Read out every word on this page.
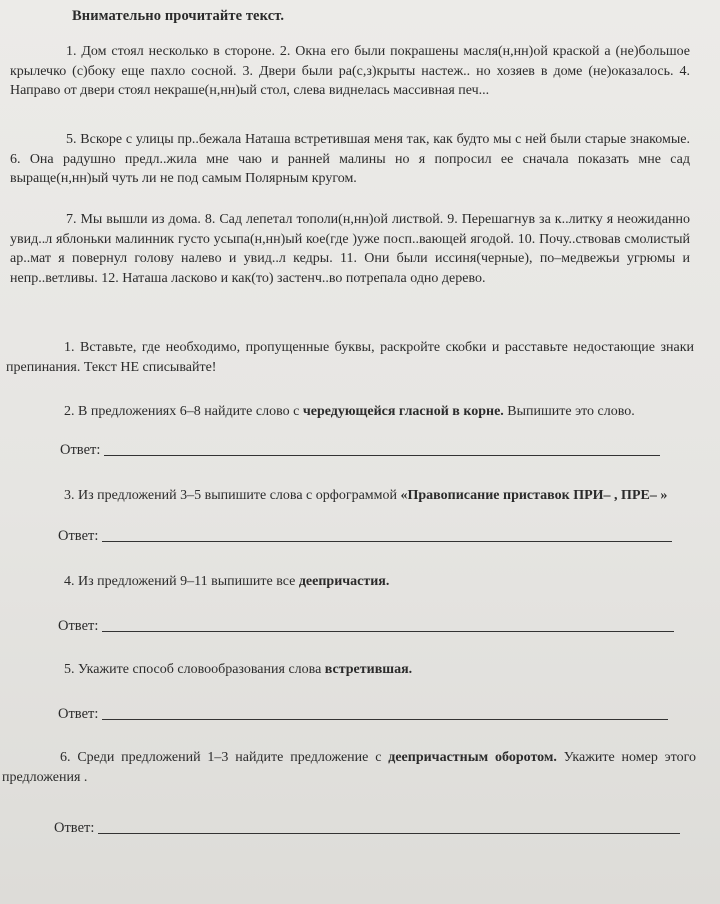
Внимательно прочитайте текст.
1. Дом стоял несколько в стороне. 2. Окна его были покрашены масля(н,нн)ой краской а (не)большое крылечко (с)боку еще пахло сосной. 3. Двери были ра(с,з)крыты настеж.. но хозяев в доме (не)оказалось. 4. Направо от двери стоял некраше(н,нн)ый стол, слева виднелась массивная печ...
5. Вскоре с улицы пр..бежала Наташа встретившая меня так, как будто мы с ней были старые знакомые. 6. Она радушно предл..жила мне чаю и ранней малины но я попросил ее сначала показать мне сад выраще(н,нн)ый чуть ли не под самым Полярным кругом.
7. Мы вышли из дома. 8. Сад лепетал тополи(н,нн)ой листвой. 9. Перешагнув за к..литку я неожиданно увид..л яблоньки малинник густо усыпа(н,нн)ый кое(где )уже посп..вающей ягодой. 10. Почу..ствовав смолистый ар..мат я повернул голову налево и увид..л кедры. 11. Они были иссиня(черные), по–медвежьи угрюмы и непр..ветливы. 12. Наташа ласково и как(то) застенч..во потрепала одно дерево.
1. Вставьте, где необходимо, пропущенные буквы, раскройте скобки и расставьте недостающие знаки препинания. Текст НЕ списывайте!
2. В предложениях 6–8 найдите слово с чередующейся гласной в корне. Выпишите это слово.
Ответ:
3. Из предложений 3–5 выпишите слова с орфограммой «Правописание приставок ПРИ– , ПРЕ– »
Ответ:
4. Из предложений 9–11 выпишите все деепричастия.
Ответ:
5. Укажите способ словообразования слова встретившая.
Ответ:
6. Среди предложений 1–3 найдите предложение с деепричастным оборотом. Укажите номер этого предложения .
Ответ:
